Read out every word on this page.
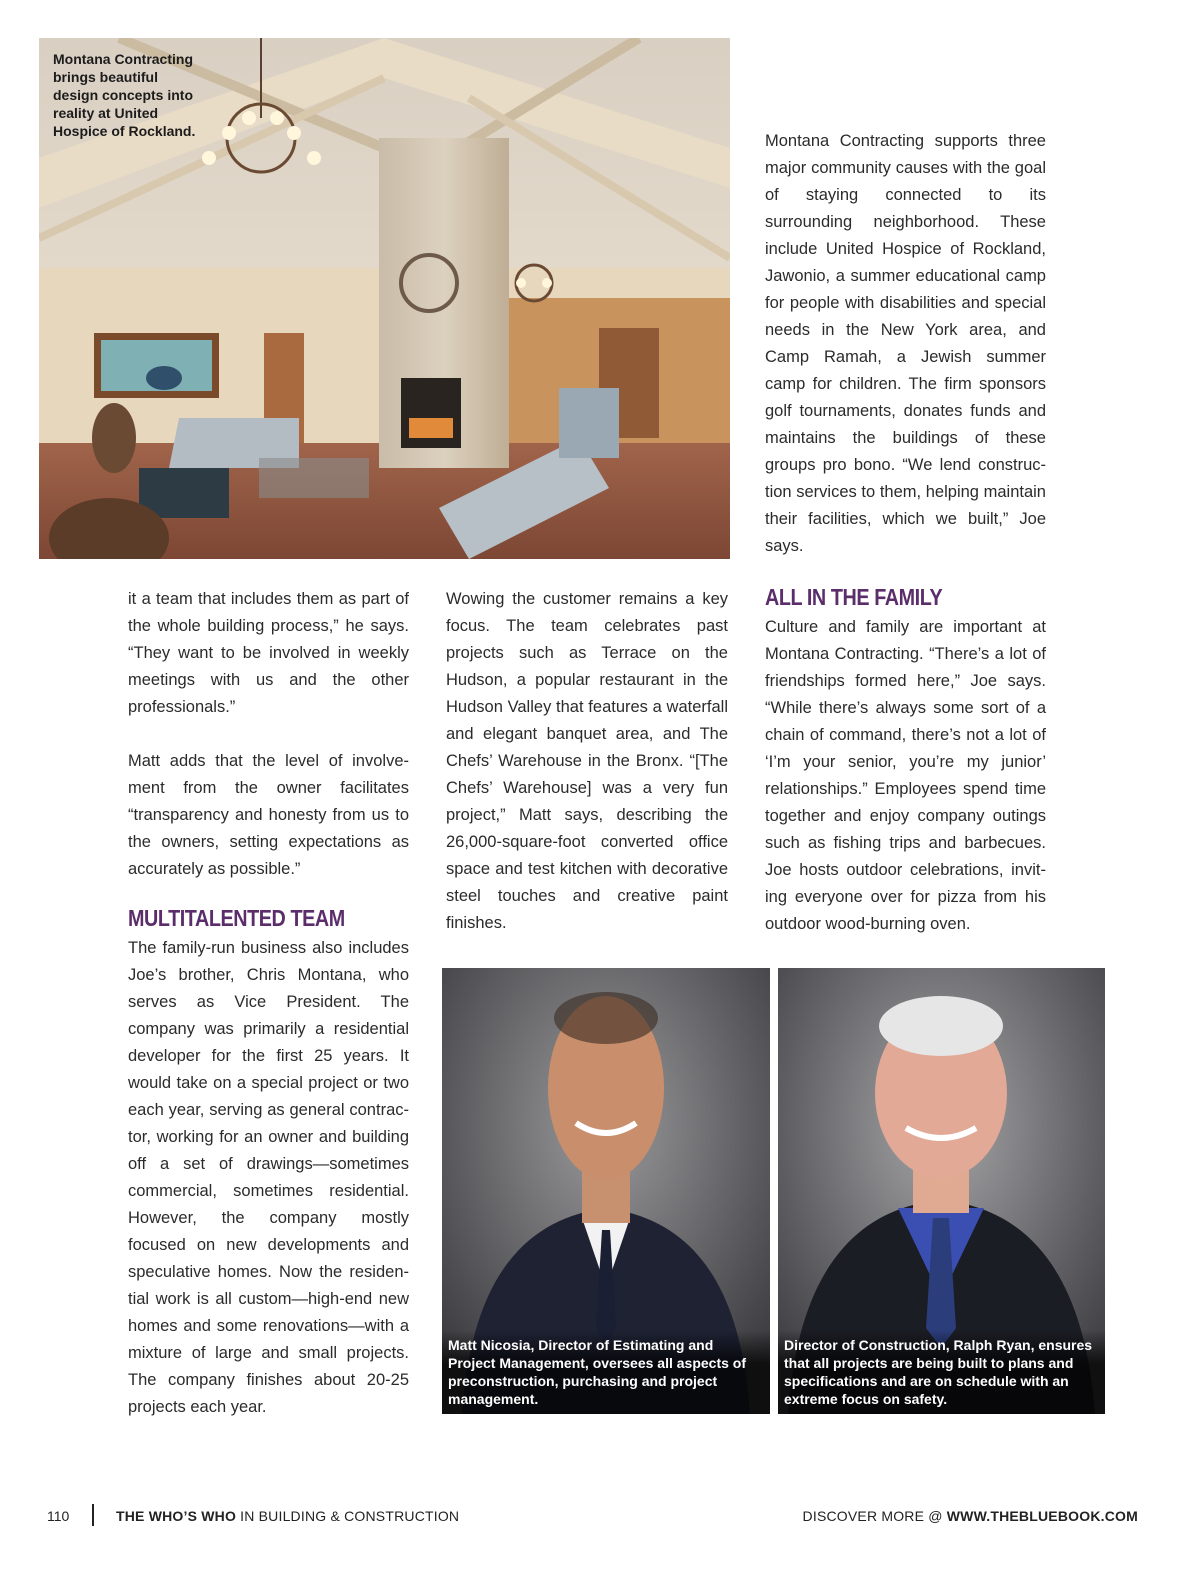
Montana Contracting brings beautiful design concepts into reality at United Hospice of Rockland.

Montana Contracting supports three major community causes with the goal of staying connected to its surrounding neighborhood. These include United Hospice of Rockland, Jawonio, a summer educational camp for people with disabilities and special needs in the New York area, and Camp Ramah, a Jewish summer camp for children. The firm sponsors golf tournaments, donates funds and maintains the buildings of these groups pro bono. “We lend construction services to them, helping maintain their facilities, which we built,” Joe says.

it a team that includes them as part of the whole building process,” he says. “They want to be involved in weekly meetings with us and the other professionals.”

Matt adds that the level of involvement from the owner facilitates “transparency and honesty from us to the owners, setting expectations as accurately as possible.”

MULTITALENTED TEAM

The family-run business also includes Joe’s brother, Chris Montana, who serves as Vice President. The company was primarily a residential developer for the first 25 years. It would take on a special project or two each year, serving as general contractor, working for an owner and building off a set of drawings—sometimes commercial, sometimes residential. However, the company mostly focused on new developments and speculative homes. Now the residential work is all custom—high-end new homes and some renovations—with a mixture of large and small projects. The company finishes about 20-25 projects each year.

Wowing the customer remains a key focus. The team celebrates past projects such as Terrace on the Hudson, a popular restaurant in the Hudson Valley that features a waterfall and elegant banquet area, and The Chefs’ Warehouse in the Bronx. “[The Chefs’ Warehouse] was a very fun project,” Matt says, describing the 26,000-square-foot converted office space and test kitchen with decorative steel touches and creative paint finishes.

ALL IN THE FAMILY

Culture and family are important at Montana Contracting. “There’s a lot of friendships formed here,” Joe says. “While there’s always some sort of a chain of command, there’s not a lot of ‘I’m your senior, you’re my junior’ relationships.” Employees spend time together and enjoy company outings such as fishing trips and barbecues. Joe hosts outdoor celebrations, inviting everyone over for pizza from his outdoor wood-burning oven.

Matt Nicosia, Director of Estimating and Project Management, oversees all aspects of preconstruction, purchasing and project management.
Director of Construction, Ralph Ryan, ensures that all projects are being built to plans and specifications and are on schedule with an extreme focus on safety.
110	THE WHO’S WHO IN BUILDING & CONSTRUCTION	DISCOVER MORE @ WWW.THEBLUEBOOK.COM
